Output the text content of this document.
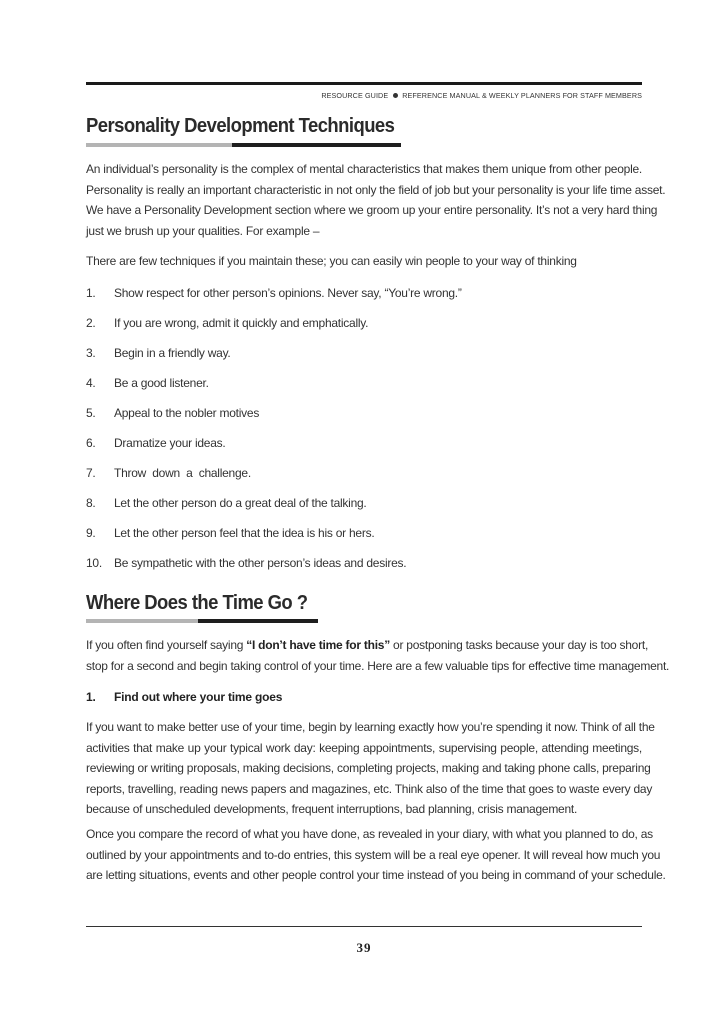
RESOURCE GUIDE REFERENCE MANUAL & WEEKLY PLANNERS FOR STAFF MEMBERS
Personality Development Techniques
An individual’s personality is the complex of mental characteristics that makes them unique from other people.
Personality is really an important characteristic in not only the field of job but your personality is your life time asset.
We have a Personality Development section where we groom up your entire personality. It’s not a very hard thing
just we brush up your qualities. For example –
There are few techniques if you maintain these; you can easily win people to your way of thinking
1. Show respect for other person’s opinions. Never say, “You’re wrong.”
2. If you are wrong, admit it quickly and emphatically.
3. Begin in a friendly way.
4. Be a good listener.
5. Appeal to the nobler motives
6. Dramatize your ideas.
7. Throw  down  a  challenge.
8. Let the other person do a great deal of the talking.
9. Let the other person feel that the idea is his or hers.
10. Be sympathetic with the other person’s ideas and desires.
Where Does the Time Go ?
If you often find yourself saying “I don’t have time for this” or postponing tasks because your day is too short,
stop for a second and begin taking control of your time. Here are a few valuable tips for effective time management.
1. Find out where your time goes
If you want to make better use of your time, begin by learning exactly how you’re spending it now. Think of all the
activities that make up your typical work day: keeping appointments, supervising people, attending meetings,
reviewing or writing proposals, making decisions, completing projects, making and taking phone calls, preparing
reports, travelling, reading news papers and magazines, etc. Think also of the time that goes to waste every day
because of unscheduled developments, frequent interruptions, bad planning, crisis management.
Once you compare the record of what you have done, as revealed in your diary, with what you planned to do, as
outlined by your appointments and to-do entries, this system will be a real eye opener. It will reveal how much you
are letting situations, events and other people control your time instead of you being in command of your schedule.
39
